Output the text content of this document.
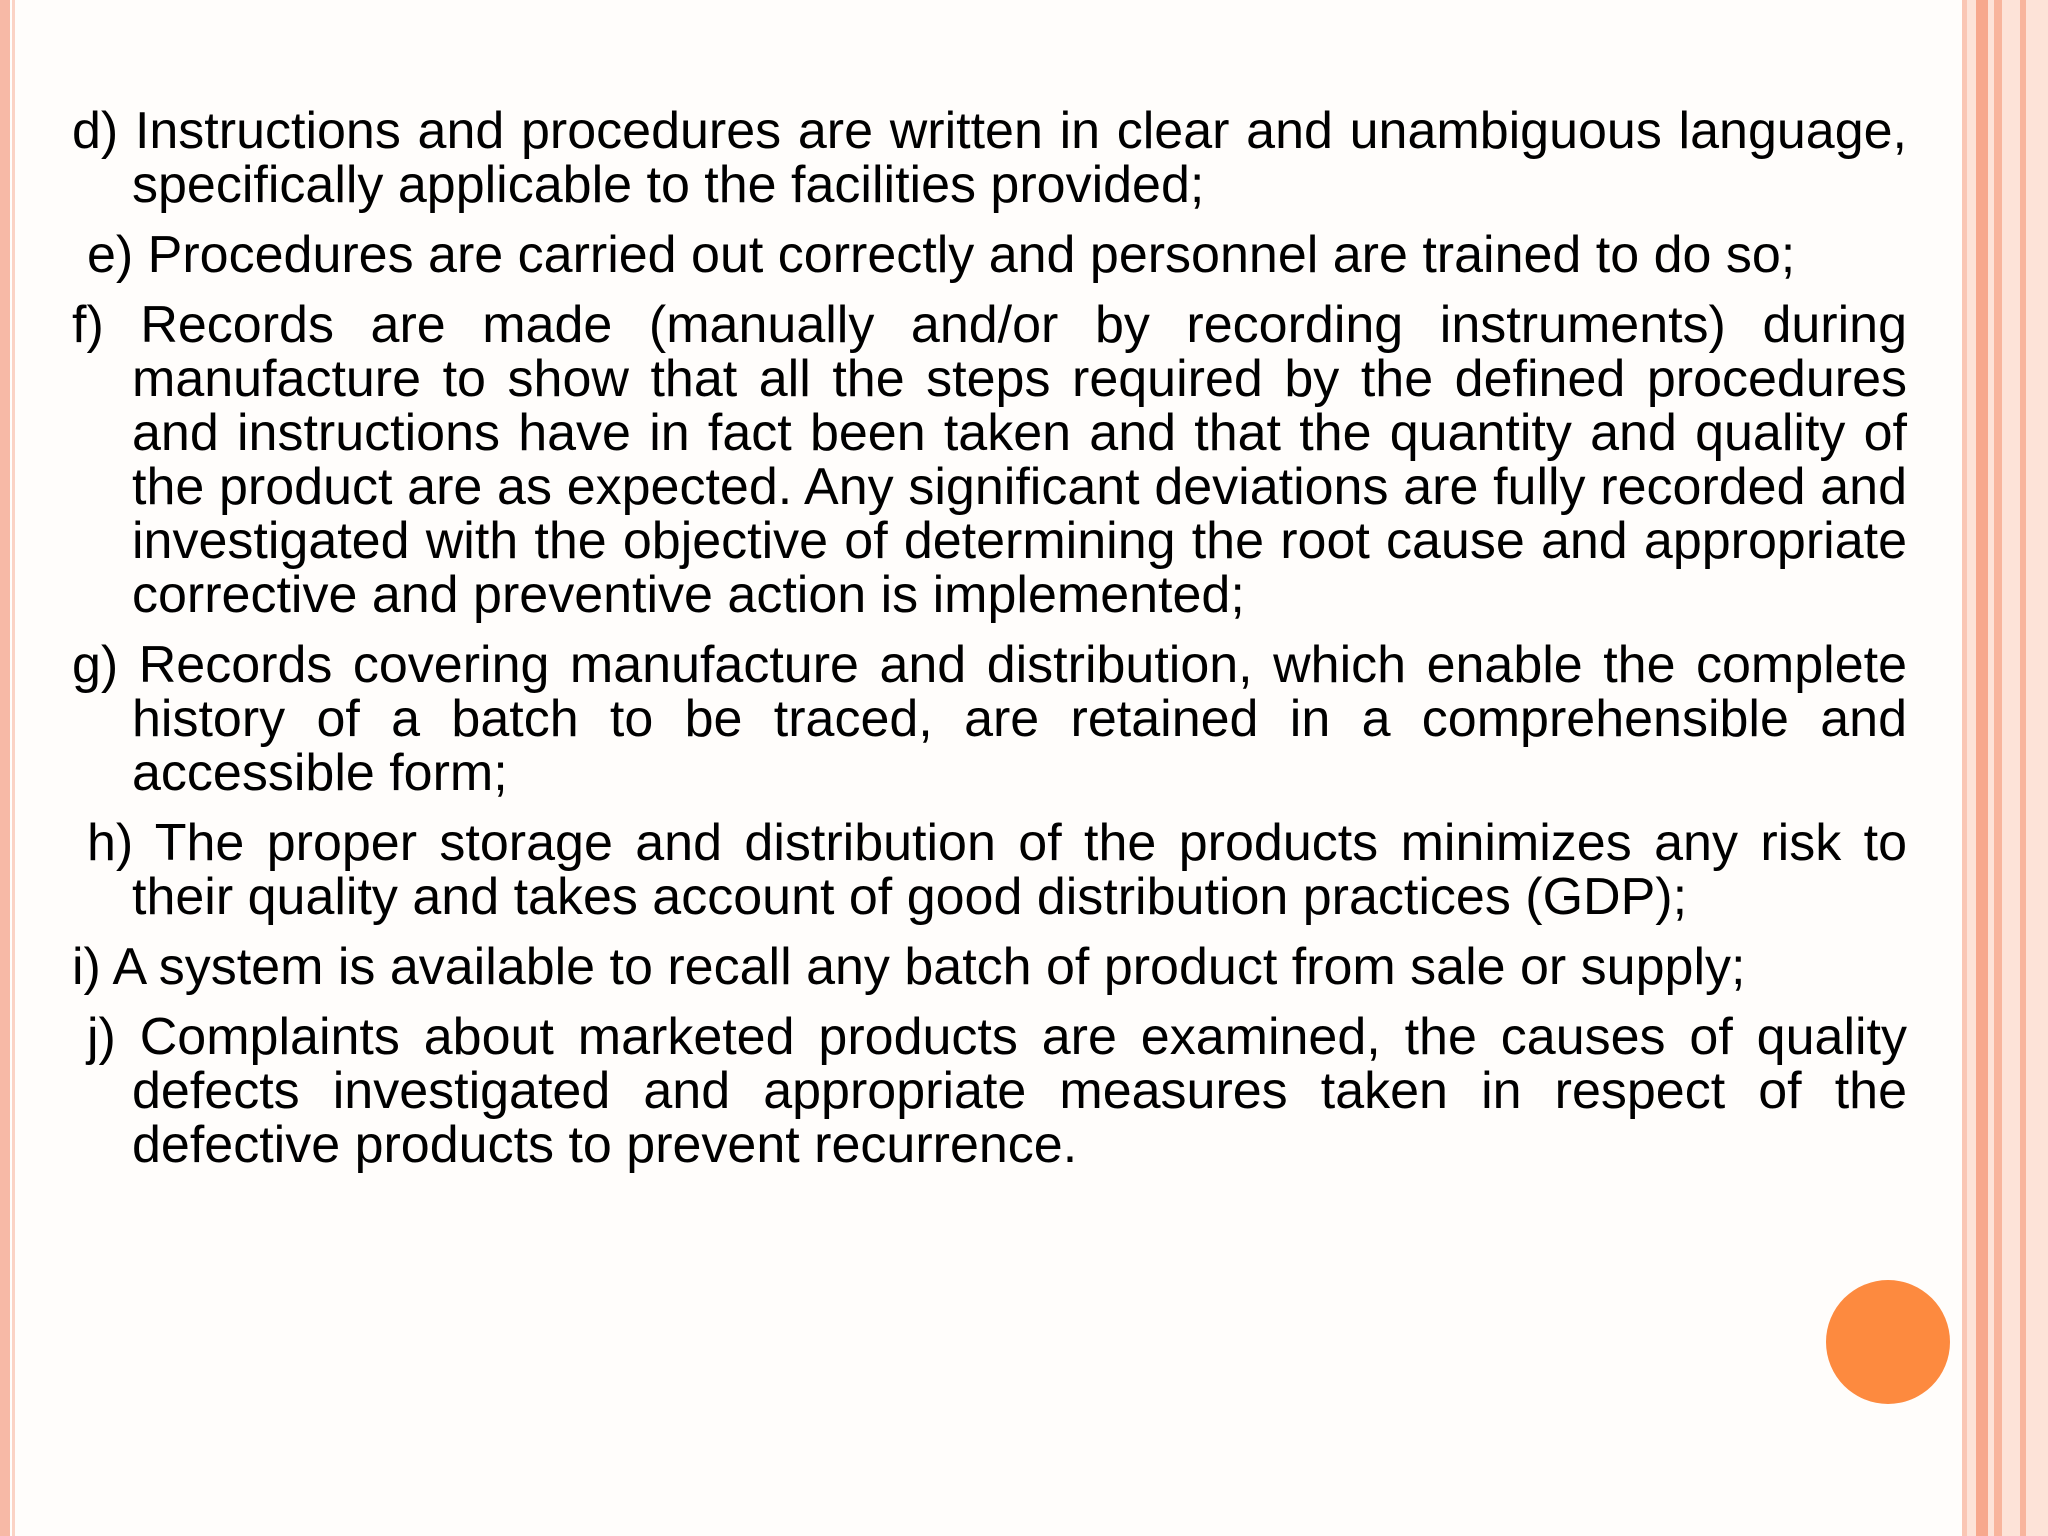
d) Instructions and procedures are written in clear and unambiguous language, specifically applicable to the facilities provided;

e) Procedures are carried out correctly and personnel are trained to do so;

f) Records are made (manually and/or by recording instruments) during manufacture to show that all the steps required by the defined procedures and instructions have in fact been taken and that the quantity and quality of the product are as expected. Any significant deviations are fully recorded and investigated with the objective of determining the root cause and appropriate corrective and preventive action is implemented;

g) Records covering manufacture and distribution, which enable the complete history of a batch to be traced, are retained in a comprehensible and accessible form;

h) The proper storage and distribution of the products minimizes any risk to their quality and takes account of good distribution practices (GDP);

i) A system is available to recall any batch of product from sale or supply;

j) Complaints about marketed products are examined, the causes of quality defects investigated and appropriate measures taken in respect of the defective products to prevent recurrence.
